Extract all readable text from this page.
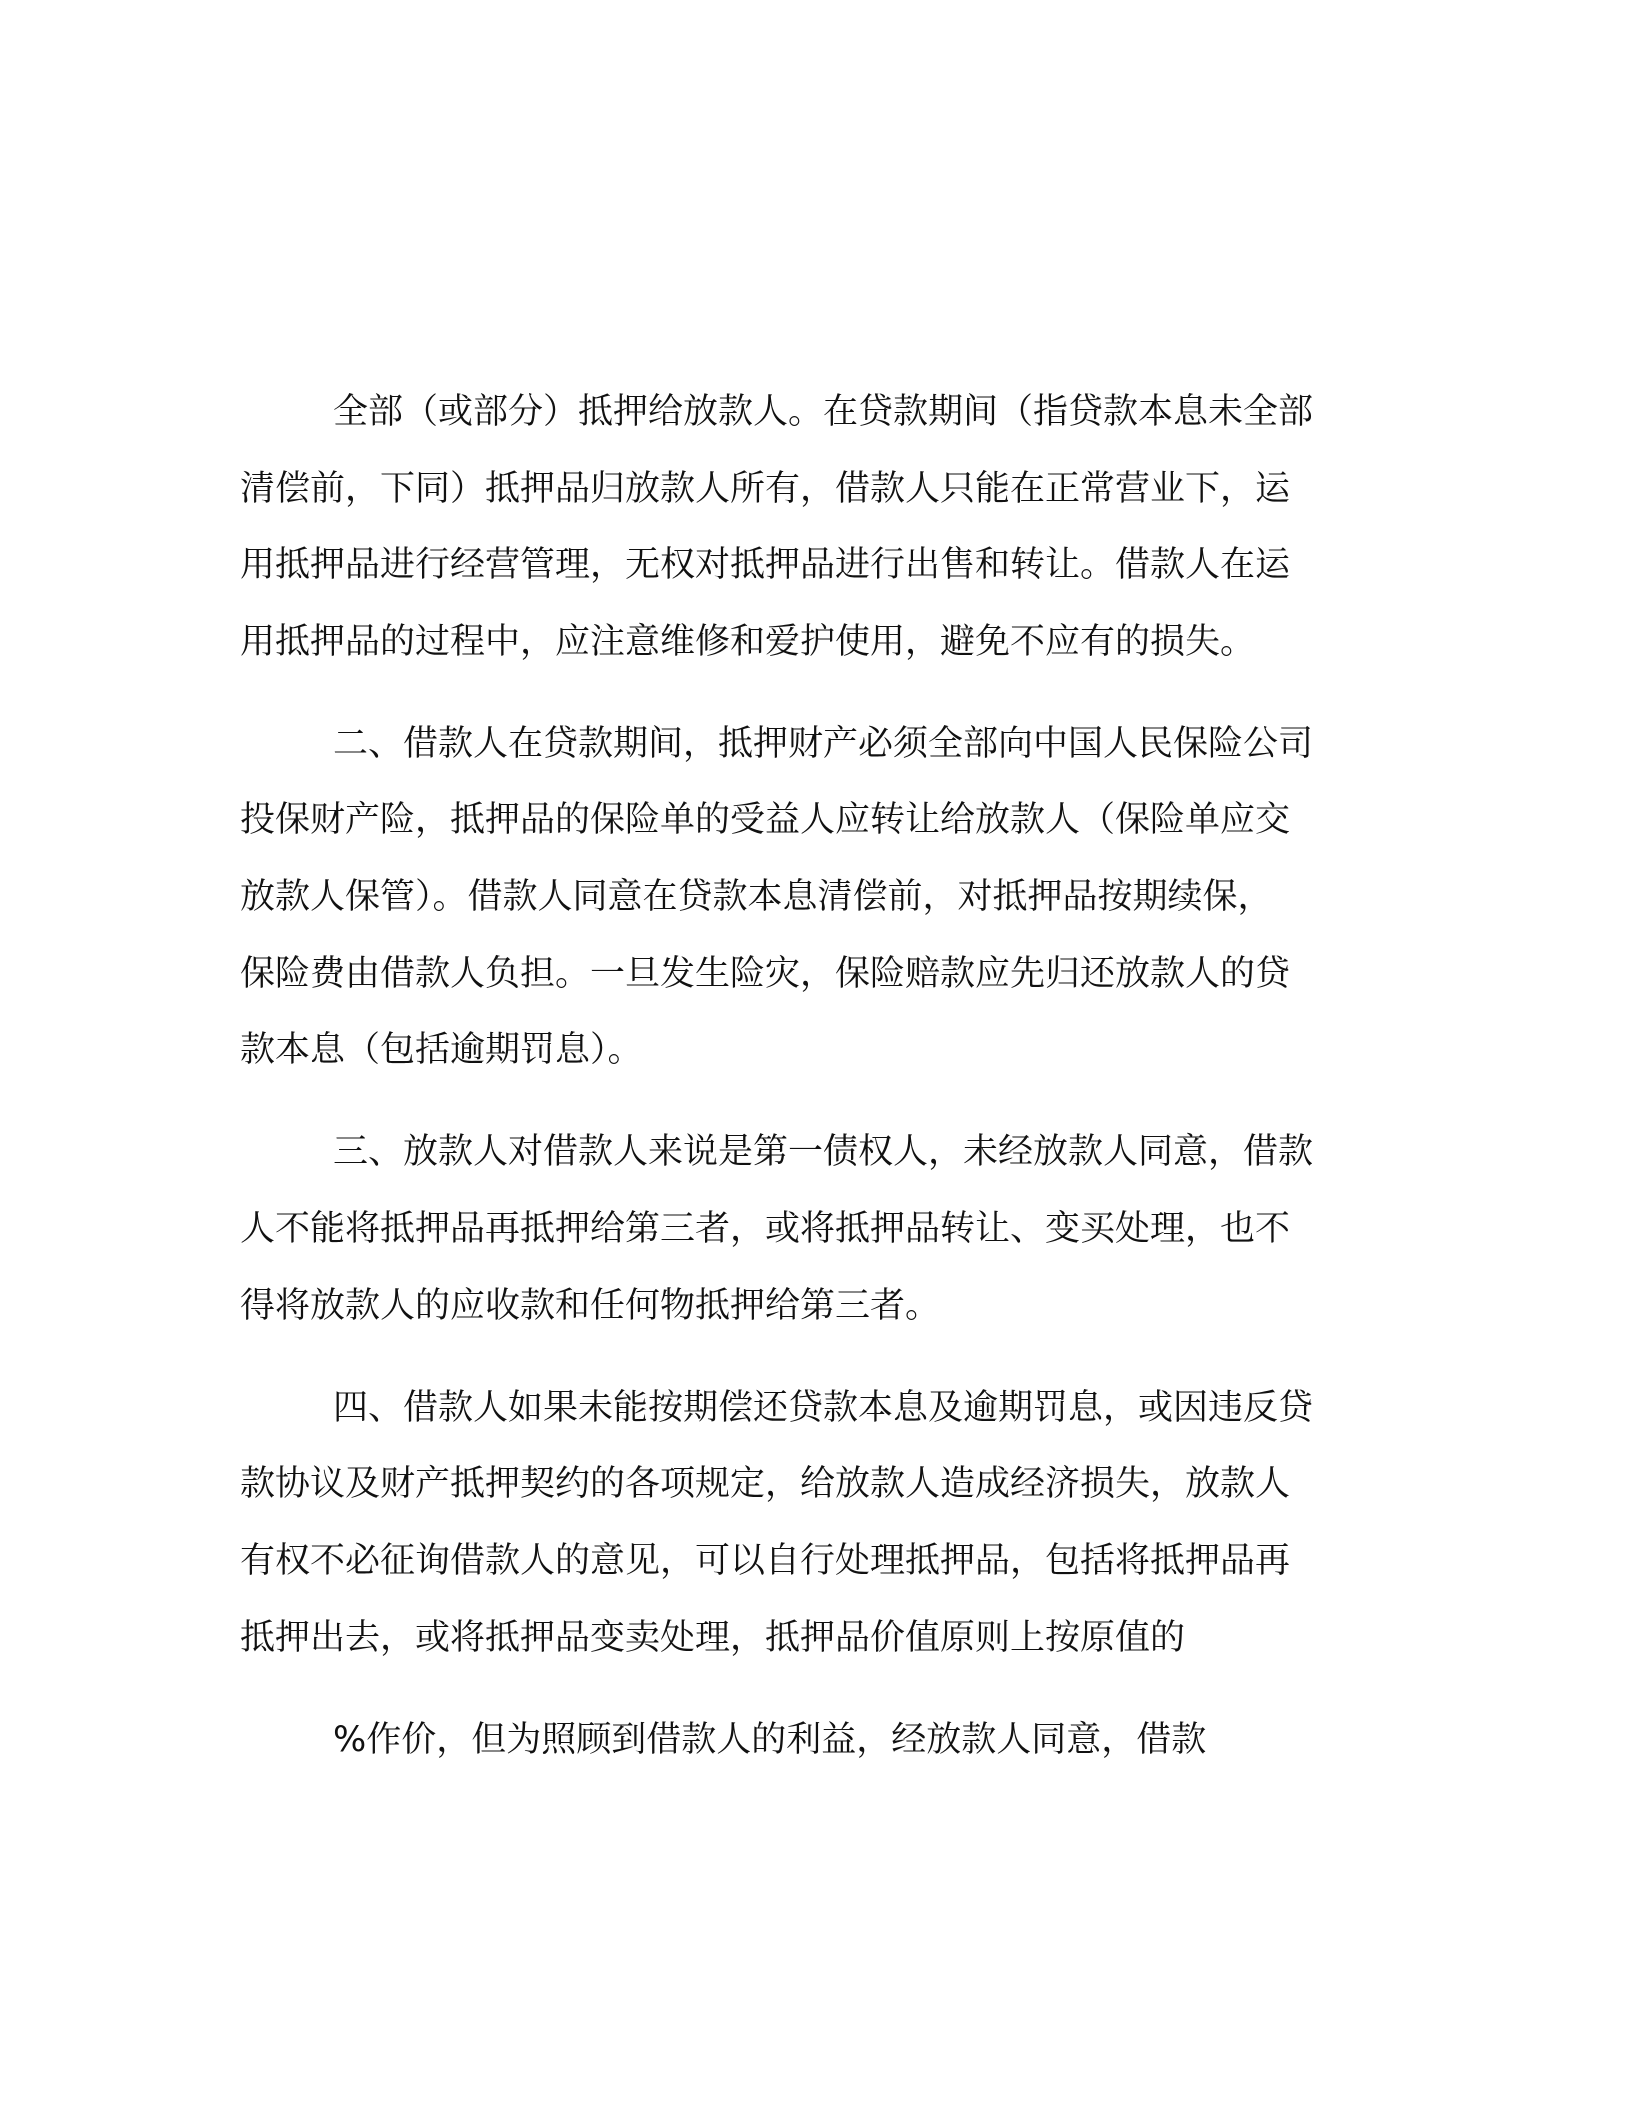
全部（或部分）抵押给放款人。在贷款期间（指贷款本息未全部
清偿前，下同）抵押品归放款人所有，借款人只能在正常营业下，运
用抵押品进行经营管理，无权对抵押品进行出售和转让。借款人在运
用抵押品的过程中，应注意维修和爱护使用，避免不应有的损失。
二、借款人在贷款期间，抵押财产必须全部向中国人民保险公司
投保财产险，抵押品的保险单的受益人应转让给放款人（保险单应交
放款人保管）。借款人同意在贷款本息清偿前，对抵押品按期续保，
保险费由借款人负担。一旦发生险灾，保险赔款应先归还放款人的贷
款本息（包括逾期罚息）。
三、放款人对借款人来说是第一债权人，未经放款人同意，借款
人不能将抵押品再抵押给第三者，或将抵押品转让、变买处理，也不
得将放款人的应收款和任何物抵押给第三者。
四、借款人如果未能按期偿还贷款本息及逾期罚息，或因违反贷
款协议及财产抵押契约的各项规定，给放款人造成经济损失，放款人
有权不必征询借款人的意见，可以自行处理抵押品，包括将抵押品再
抵押出去，或将抵押品变卖处理，抵押品价值原则上按原值的
%作价，但为照顾到借款人的利益，经放款人同意，借款
